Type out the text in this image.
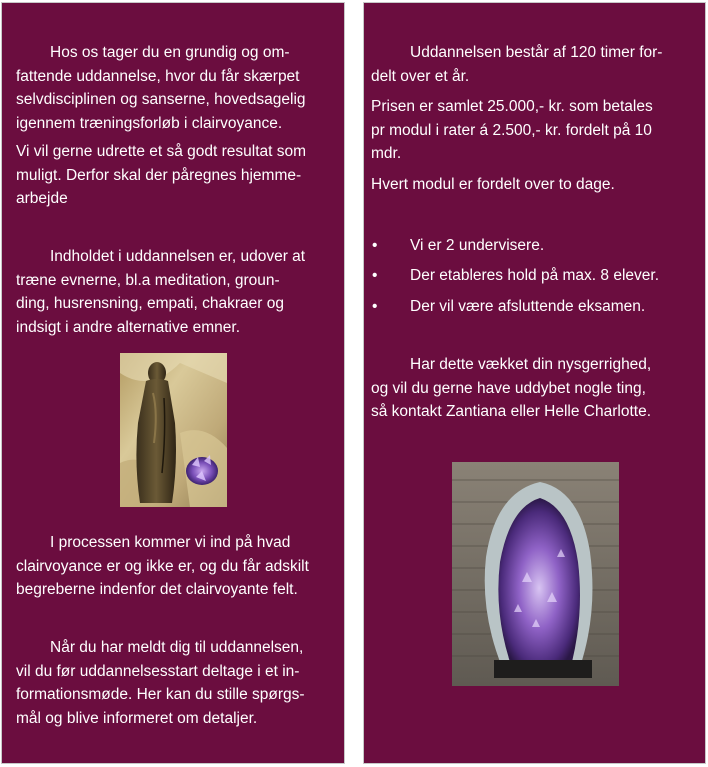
Hos os tager du en grundig og om-
fattende uddannelse, hvor du får skærpet
selvdisciplinen og sanserne, hovedsagelig
igennem træningsforløb i clairvoyance.
Vi vil gerne udrette et så godt resultat som
muligt. Derfor skal der påregnes hjemme-
arbejde
Indholdet i uddannelsen er, udover at
træne evnerne, bl.a meditation, groun-
ding, husrensning, empati, chakraer og
indsigt i andre alternative emner.
I processen kommer vi ind på hvad
clairvoyance er og ikke er, og du får adskilt
begreberne indenfor det clairvoyante felt.
Når du har meldt dig til uddannelsen,
vil du før uddannelsesstart deltage i et in-
formationsmøde. Her kan du stille spørgs-
mål og blive informeret om detaljer.
Uddannelsen består af 120 timer for-
delt over et år.
Prisen er samlet 25.000,- kr. som betales
pr modul i rater á 2.500,- kr. fordelt på 10
mdr.
Hvert modul er fordelt over to dage.
• Vi er 2 undervisere.
• Der etableres hold på max. 8 elever.
• Der vil være afsluttende eksamen.
Har dette vækket din nysgerrighed,
og vil du gerne have uddybet nogle ting,
så kontakt Zantiana eller Helle Charlotte.
